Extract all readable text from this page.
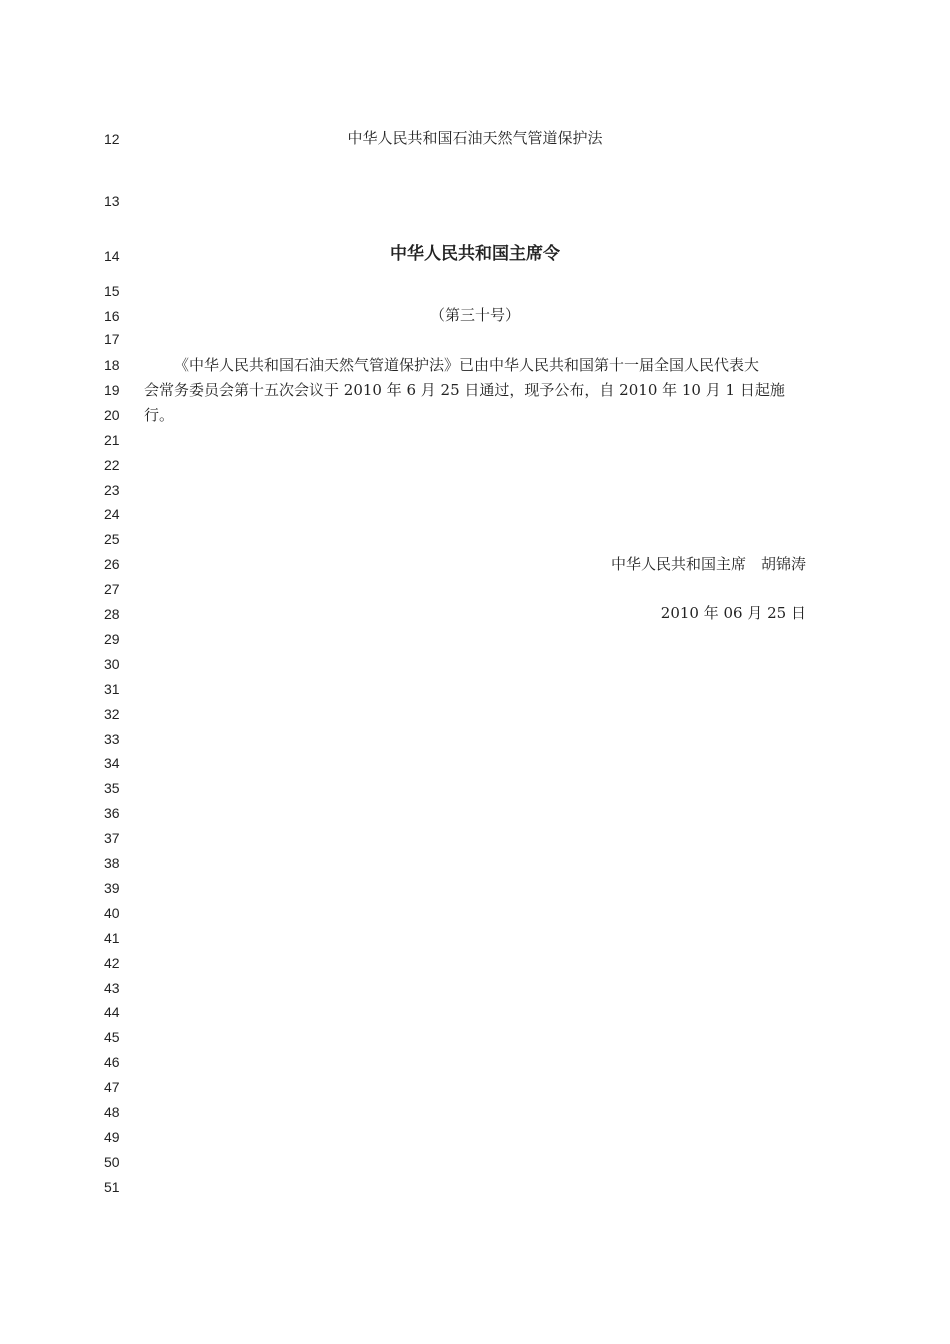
12
13
14
15
16
17
18
19
20
21
22
23
24
25
26
27
28
29
30
31
32
33
34
35
36
37
38
39
40
41
42
43
44
45
46
47
48
49
50
51
中华人民共和国石油天然气管道保护法
中华人民共和国主席令
（第三十号）
《中华人民共和国石油天然气管道保护法》已由中华人民共和国第十一届全国人民代表大
会常务委员会第十五次会议于 2010 年 6 月 25 日通过，现予公布，自 2010 年 10 月 1 日起施行。
中华人民共和国主席　胡锦涛
2010 年 06 月 25 日
